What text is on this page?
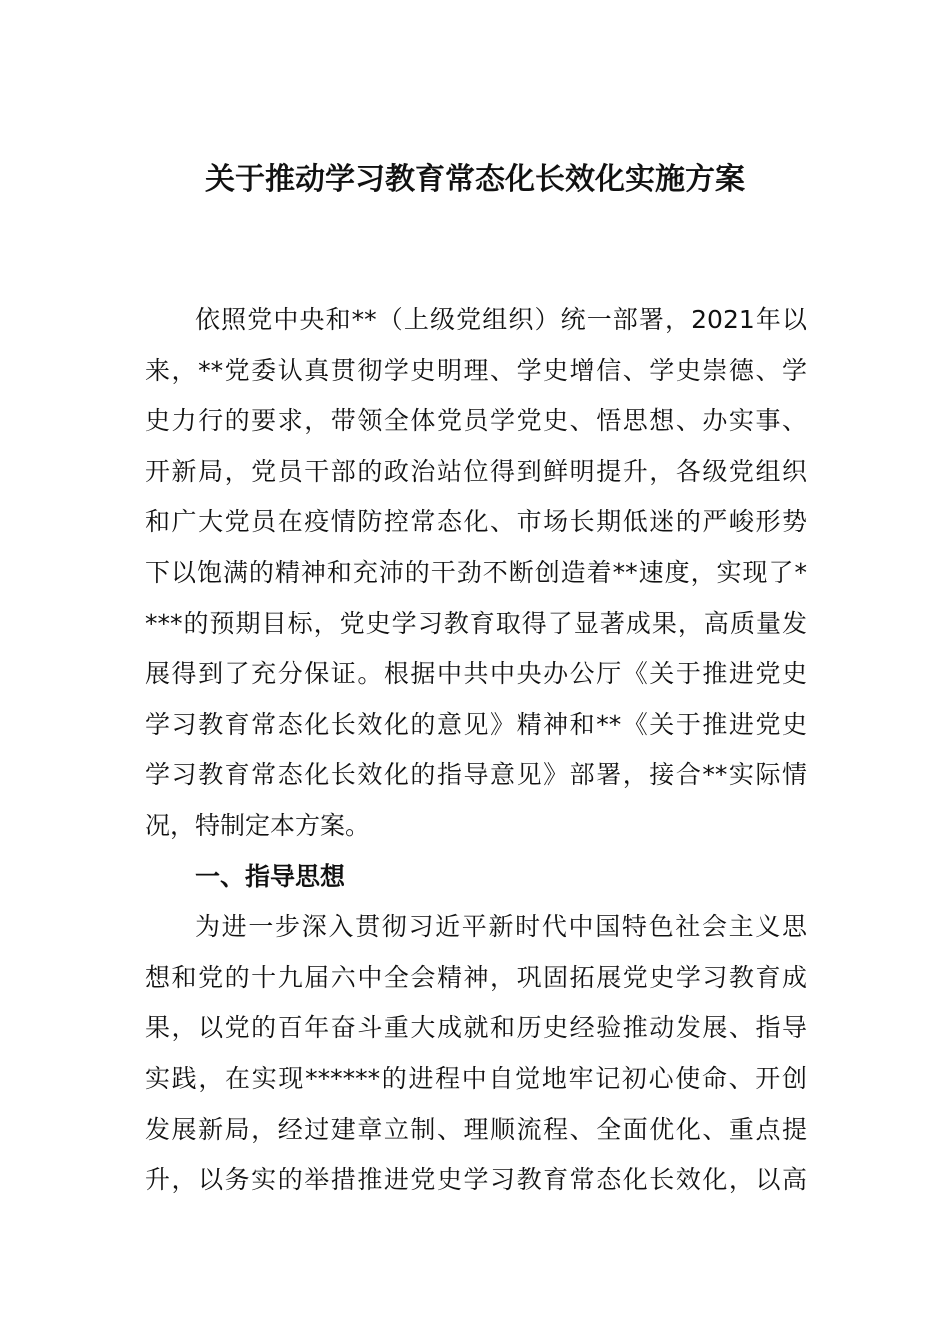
关于推动学习教育常态化长效化实施方案
依照党中央和**（上级党组织）统一部署，2021年以
来，**党委认真贯彻学史明理、学史增信、学史崇德、学
史力行的要求，带领全体党员学党史、悟思想、办实事、
开新局，党员干部的政治站位得到鲜明提升，各级党组织
和广大党员在疫情防控常态化、市场长期低迷的严峻形势
下以饱满的精神和充沛的干劲不断创造着**速度，实现了*
***的预期目标，党史学习教育取得了显著成果，高质量发
展得到了充分保证。根据中共中央办公厅《关于推进党史
学习教育常态化长效化的意见》精神和**《关于推进党史
学习教育常态化长效化的指导意见》部署，接合**实际情
况，特制定本方案。
一、指导思想
为进一步深入贯彻习近平新时代中国特色社会主义思
想和党的十九届六中全会精神，巩固拓展党史学习教育成
果，以党的百年奋斗重大成就和历史经验推动发展、指导
实践，在实现******的进程中自觉地牢记初心使命、开创
发展新局，经过建章立制、理顺流程、全面优化、重点提
升，以务实的举措推进党史学习教育常态化长效化，以高
